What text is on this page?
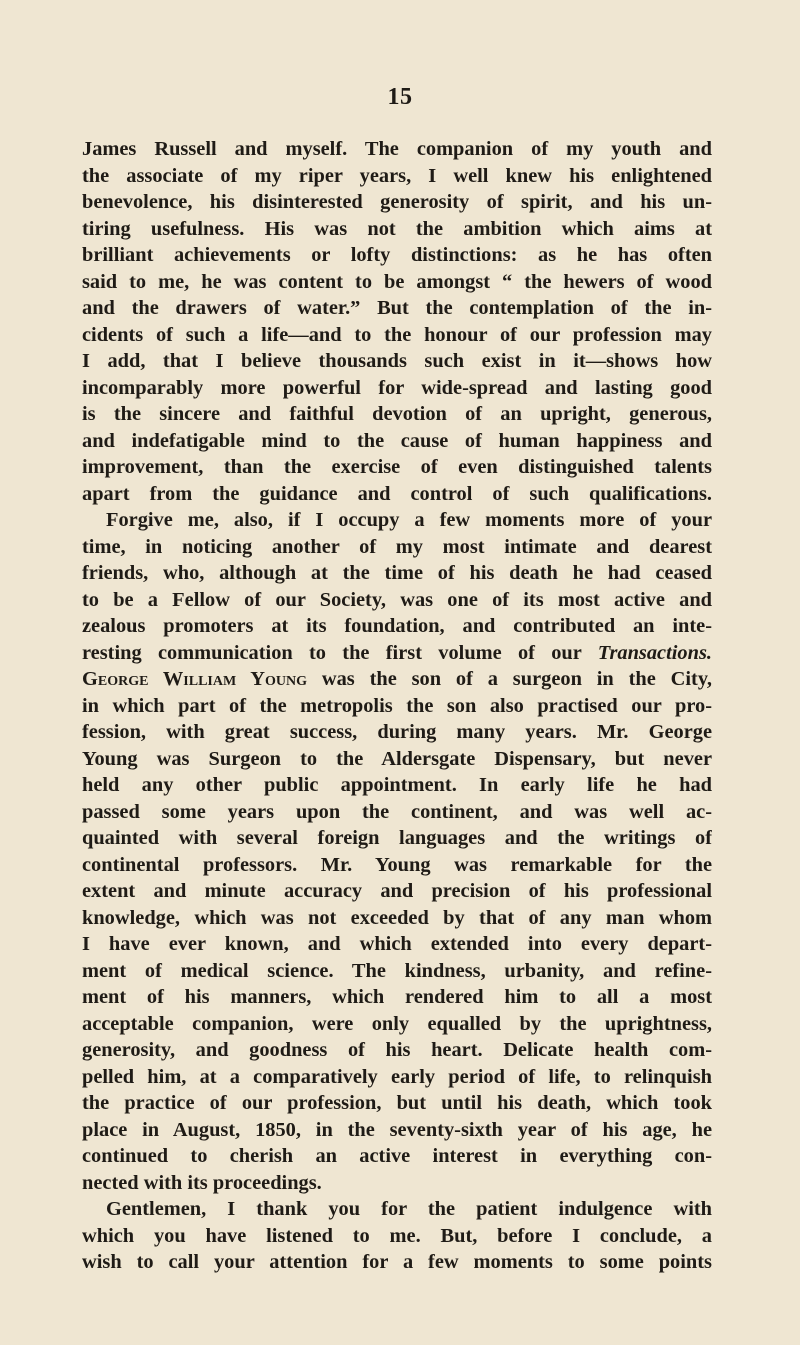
15
James Russell and myself. The companion of my youth and
the associate of my riper years, I well knew his enlightened
benevolence, his disinterested generosity of spirit, and his un-
tiring usefulness. His was not the ambition which aims at
brilliant achievements or lofty distinctions: as he has often
said to me, he was content to be amongst “ the hewers of wood
and the drawers of water.” But the contemplation of the in-
cidents of such a life—and to the honour of our profession may
I add, that I believe thousands such exist in it—shows how
incomparably more powerful for wide-spread and lasting good
is the sincere and faithful devotion of an upright, generous,
and indefatigable mind to the cause of human happiness and
improvement, than the exercise of even distinguished talents
apart from the guidance and control of such qualifications.
Forgive me, also, if I occupy a few moments more of your
time, in noticing another of my most intimate and dearest
friends, who, although at the time of his death he had ceased
to be a Fellow of our Society, was one of its most active and
zealous promoters at its foundation, and contributed an inte-
resting communication to the first volume of our Transactions.
George William Young was the son of a surgeon in the City,
in which part of the metropolis the son also practised our pro-
fession, with great success, during many years. Mr. George
Young was Surgeon to the Aldersgate Dispensary, but never
held any other public appointment. In early life he had
passed some years upon the continent, and was well ac-
quainted with several foreign languages and the writings of
continental professors. Mr. Young was remarkable for the
extent and minute accuracy and precision of his professional
knowledge, which was not exceeded by that of any man whom
I have ever known, and which extended into every depart-
ment of medical science. The kindness, urbanity, and refine-
ment of his manners, which rendered him to all a most
acceptable companion, were only equalled by the uprightness,
generosity, and goodness of his heart. Delicate health com-
pelled him, at a comparatively early period of life, to relinquish
the practice of our profession, but until his death, which took
place in August, 1850, in the seventy-sixth year of his age, he
continued to cherish an active interest in everything con-
nected with its proceedings.
Gentlemen, I thank you for the patient indulgence with
which you have listened to me. But, before I conclude, a
wish to call your attention for a few moments to some points
